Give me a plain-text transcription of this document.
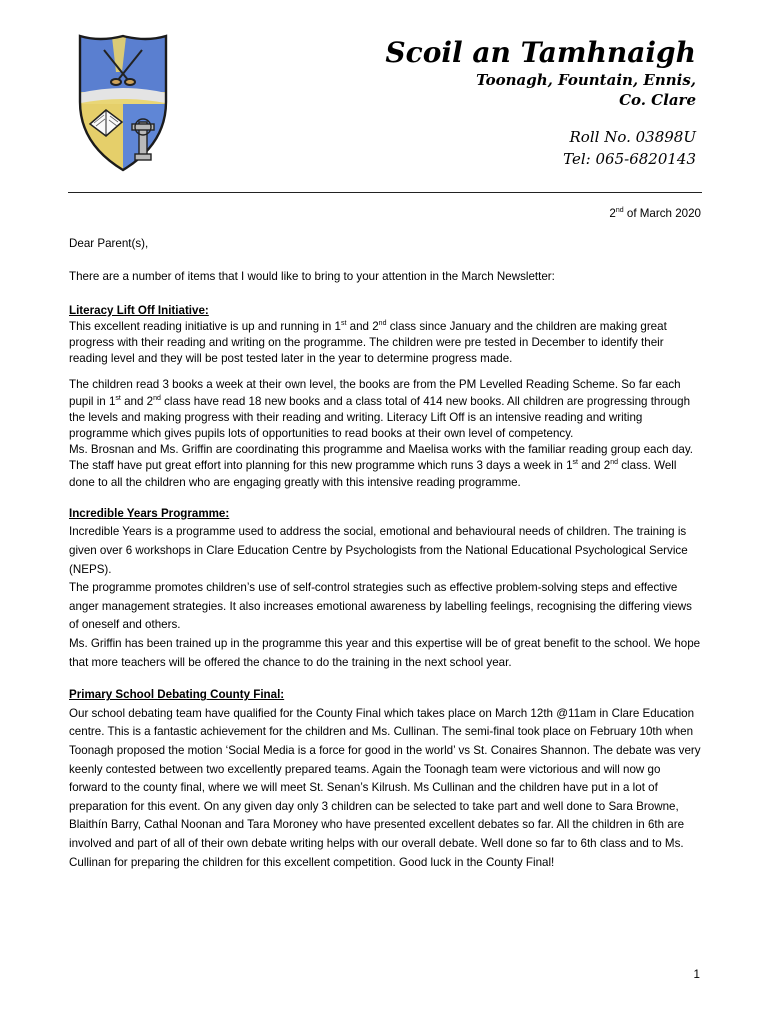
Scoil an Tamhnaigh
Toonagh, Fountain, Ennis,
Co. Clare
Roll No. 03898U
Tel: 065-6820143

2nd of March 2020

Dear Parent(s),

There are a number of items that I would like to bring to your attention in the March Newsletter:

Literacy Lift Off Initiative:

This excellent reading initiative is up and running in 1st and 2nd class since January and the children are making great progress with their reading and writing on the programme. The children were pre tested in December to identify their reading level and they will be post tested later in the year to determine progress made.

The children read 3 books a week at their own level, the books are from the PM Levelled Reading Scheme. So far each pupil in 1st and 2nd class have read 18 new books and a class total of 414 new books. All children are progressing through the levels and making progress with their reading and writing. Literacy Lift Off is an intensive reading and writing programme which gives pupils lots of opportunities to read books at their own level of competency.

Ms. Brosnan and Ms. Griffin are coordinating this programme and Maelisa works with the familiar reading group each day. The staff have put great effort into planning for this new programme which runs 3 days a week in 1st and 2nd class. Well done to all the children who are engaging greatly with this intensive reading programme.

Incredible Years Programme:

Incredible Years is a programme used to address the social, emotional and behavioural needs of children. The training is given over 6 workshops in Clare Education Centre by Psychologists from the National Educational Psychological Service (NEPS).

The programme promotes children’s use of self-control strategies such as effective problem-solving steps and effective anger management strategies. It also increases emotional awareness by labelling feelings, recognising the differing views of oneself and others.

Ms. Griffin has been trained up in the programme this year and this expertise will be of great benefit to the school. We hope that more teachers will be offered the chance to do the training in the next school year.

Primary School Debating County Final:

Our school debating team have qualified for the County Final which takes place on March 12th @11am in Clare Education centre. This is a fantastic achievement for the children and Ms. Cullinan. The semi-final took place on February 10th when Toonagh proposed the motion ‘Social Media is a force for good in the world’ vs St. Conaires Shannon. The debate was very keenly contested between two excellently prepared teams. Again the Toonagh team were victorious and will now go forward to the county final, where we will meet St. Senan’s Kilrush. Ms Cullinan and the children have put in a lot of preparation for this event. On any given day only 3 children can be selected to take part and well done to Sara Browne, Blaithín Barry, Cathal Noonan and Tara Moroney who have presented excellent debates so far. All the children in 6th are involved and part of all of their own debate writing helps with our overall debate. Well done so far to 6th class and to Ms. Cullinan for preparing the children for this excellent competition. Good luck in the County Final!

1
